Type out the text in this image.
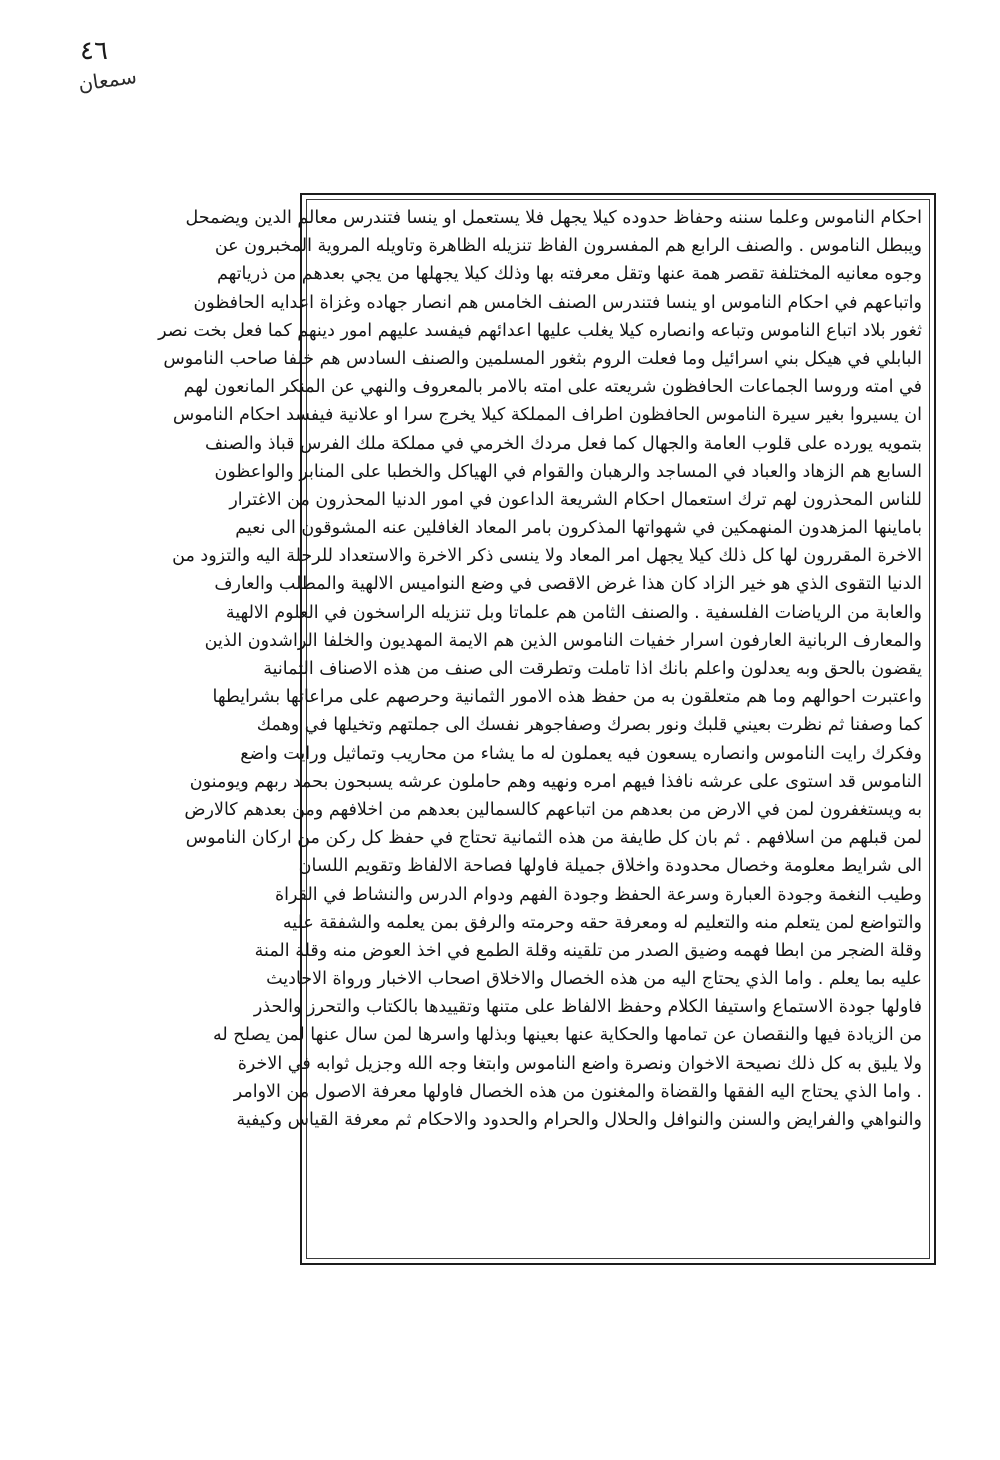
٤٦
سمعان
احكام الناموس وعلما سننه وحفاظ حدوده كيلا يجهل فلا يستعمل او ينسا فتندرس معالم الدين ويضمحل
ويبطل الناموس . والصنف الرابع هم المفسرون الفاظ تنزيله الظاهرة وتاويله المروية المخبرون عن
وجوه معانيه المختلفة تقصر همة عنها وتقل معرفته بها وذلك كيلا يجهلها من يجي بعدهم من ذرياتهم
واتباعهم في احكام الناموس او ينسا فتندرس الصنف الخامس هم انصار جهاده وغزاة اعدايه الحافظون
ثغور بلاد اتباع الناموس وتباعه وانصاره كيلا يغلب عليها اعدائهم فيفسد عليهم امور دينهم كما فعل بخت نصر
البابلي في هيكل بني اسرائيل وما فعلت الروم بثغور المسلمين والصنف السادس هم خلفا صاحب الناموس
في امته وروسا الجماعات الحافظون شريعته على امته بالامر بالمعروف والنهي عن المنكر المانعون لهم
ان يسيروا بغير سيرة الناموس الحافظون اطراف المملكة كيلا يخرج سرا او علانية فيفسد احكام الناموس
بتمويه يورده على قلوب العامة والجهال كما فعل مردك الخرمي في مملكة ملك الفرس قباذ والصنف
السابع هم الزهاد والعباد في المساجد والرهبان والقوام في الهياكل والخطبا على المنابر والواعظون
للناس المحذرون لهم ترك استعمال احكام الشريعة الداعون في امور الدنيا المحذرون من الاغترار
باماينها المزهدون المنهمكين في شهواتها المذكرون بامر المعاد الغافلين عنه المشوقون الى نعيم
الاخرة المقررون لها كل ذلك كيلا يجهل امر المعاد ولا ينسى ذكر الاخرة والاستعداد للرحلة اليه والتزود من
الدنيا التقوى الذي هو خير الزاد كان هذا غرض الاقصى في وضع النواميس الالهية والمطلب والعارف
والعابة من الرياضات الفلسفية . والصنف الثامن هم علماتا وبل تنزيله الراسخون في العلوم الالهية
والمعارف الربانية العارفون اسرار خفيات الناموس الذين هم الايمة المهديون والخلفا الراشدون الذين
يقضون بالحق وبه يعدلون واعلم بانك اذا تاملت وتطرقت الى صنف من هذه الاصناف الثمانية
واعتبرت احوالهم وما هم متعلقون به من حفظ هذه الامور الثمانية وحرصهم على مراعاتها بشرايطها
كما وصفنا ثم نظرت بعيني قلبك ونور بصرك وصفاجوهر نفسك الى جملتهم وتخيلها في وهمك
وفكرك رايت الناموس وانصاره يسعون فيه يعملون له ما يشاء من محاريب وتماثيل ورايت واضع
الناموس قد استوى على عرشه نافذا فيهم امره ونهيه وهم حاملون عرشه يسبحون بحمد ربهم ويومنون
به ويستغفرون لمن في الارض من بعدهم من اتباعهم كالسمالين بعدهم من اخلافهم ومن بعدهم كالارض
لمن قبلهم من اسلافهم . ثم بان كل طايفة من هذه الثمانية تحتاج في حفظ كل ركن من اركان الناموس
الى شرايط معلومة وخصال محدودة واخلاق جميلة فاولها فصاحة الالفاظ وتقويم اللسان
وطيب النغمة وجودة العبارة وسرعة الحفظ وجودة الفهم ودوام الدرس والنشاط في القراة
والتواضع لمن يتعلم منه والتعليم له ومعرفة حقه وحرمته والرفق بمن يعلمه والشفقة عليه
وقلة الضجر من ابطا فهمه وضيق الصدر من تلقينه وقلة الطمع في اخذ العوض منه وقلة المنة
عليه بما يعلم . واما الذي يحتاج اليه من هذه الخصال والاخلاق اصحاب الاخبار ورواة الاحاديث
فاولها جودة الاستماع واستيفا الكلام وحفظ الالفاظ على متنها وتقييدها بالكتاب والتحرز والحذر
من الزيادة فيها والنقصان عن تمامها والحكاية عنها بعينها وبذلها واسرها لمن سال عنها لمن يصلح له
ولا يليق به كل ذلك نصيحة الاخوان ونصرة واضع الناموس وابتغا وجه الله وجزيل ثوابه في الاخرة
. واما الذي يحتاج اليه الفقها والقضاة والمغنون من هذه الخصال فاولها معرفة الاصول من الاوامر
والنواهي والفرايض والسنن والنوافل والحلال والحرام والحدود والاحكام ثم معرفة القياس وكيفية
